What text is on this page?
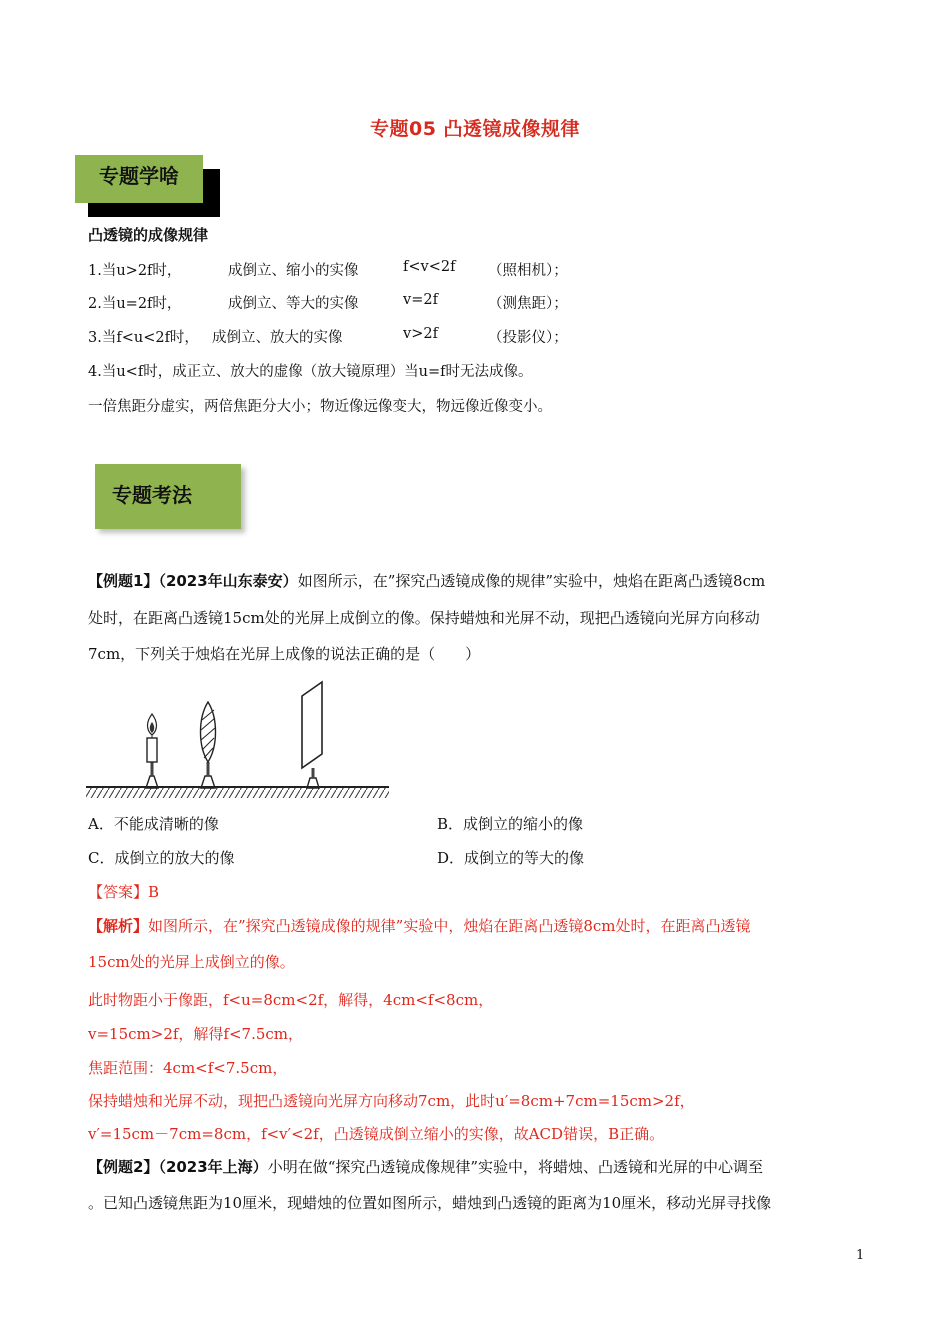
专题05 凸透镜成像规律
专题学啥
凸透镜的成像规律
1.当u>2f时，	成倒立、缩小的实像	f<v<2f （照相机）；
2.当u=2f时，	成倒立、等大的实像	v=2f	（测焦距）；
3.当f<u<2f时， 成倒立、放大的实像	v>2f	（投影仪）；
4.当u<f时，成正立、放大的虚像（放大镜原理）当u=f时无法成像。
一倍焦距分虚实，两倍焦距分大小；物近像远像变大，物远像近像变小。
专题考法
【例题1】（2023年山东泰安）如图所示，在”探究凸透镜成像的规律”实验中，烛焰在距离凸透镜8cm
处时，在距离凸透镜15cm处的光屏上成倒立的像。保持蜡烛和光屏不动，现把凸透镜向光屏方向移动
7cm，下列关于烛焰在光屏上成像的说法正确的是（　　）
A．不能成清晰的像	B．成倒立的缩小的像
C．成倒立的放大的像	D．成倒立的等大的像
【答案】B
【解析】如图所示，在”探究凸透镜成像的规律”实验中，烛焰在距离凸透镜8cm处时，在距离凸透镜
15cm处的光屏上成倒立的像。
此时物距小于像距，f<u=8cm<2f，解得，4cm<f<8cm，
v=15cm>2f，解得f<7.5cm，
焦距范围：4cm<f<7.5cm，
保持蜡烛和光屏不动，现把凸透镜向光屏方向移动7cm，此时u′=8cm+7cm=15cm>2f，
v′=15cm－7cm=8cm，f<v′<2f，凸透镜成倒立缩小的实像，故ACD错误，B正确。
【例题2】（2023年上海）小明在做“探究凸透镜成像规律”实验中，将蜡烛、凸透镜和光屏的中心调至
。已知凸透镜焦距为10厘米，现蜡烛的位置如图所示，蜡烛到凸透镜的距离为10厘米，移动光屏寻找像
1
